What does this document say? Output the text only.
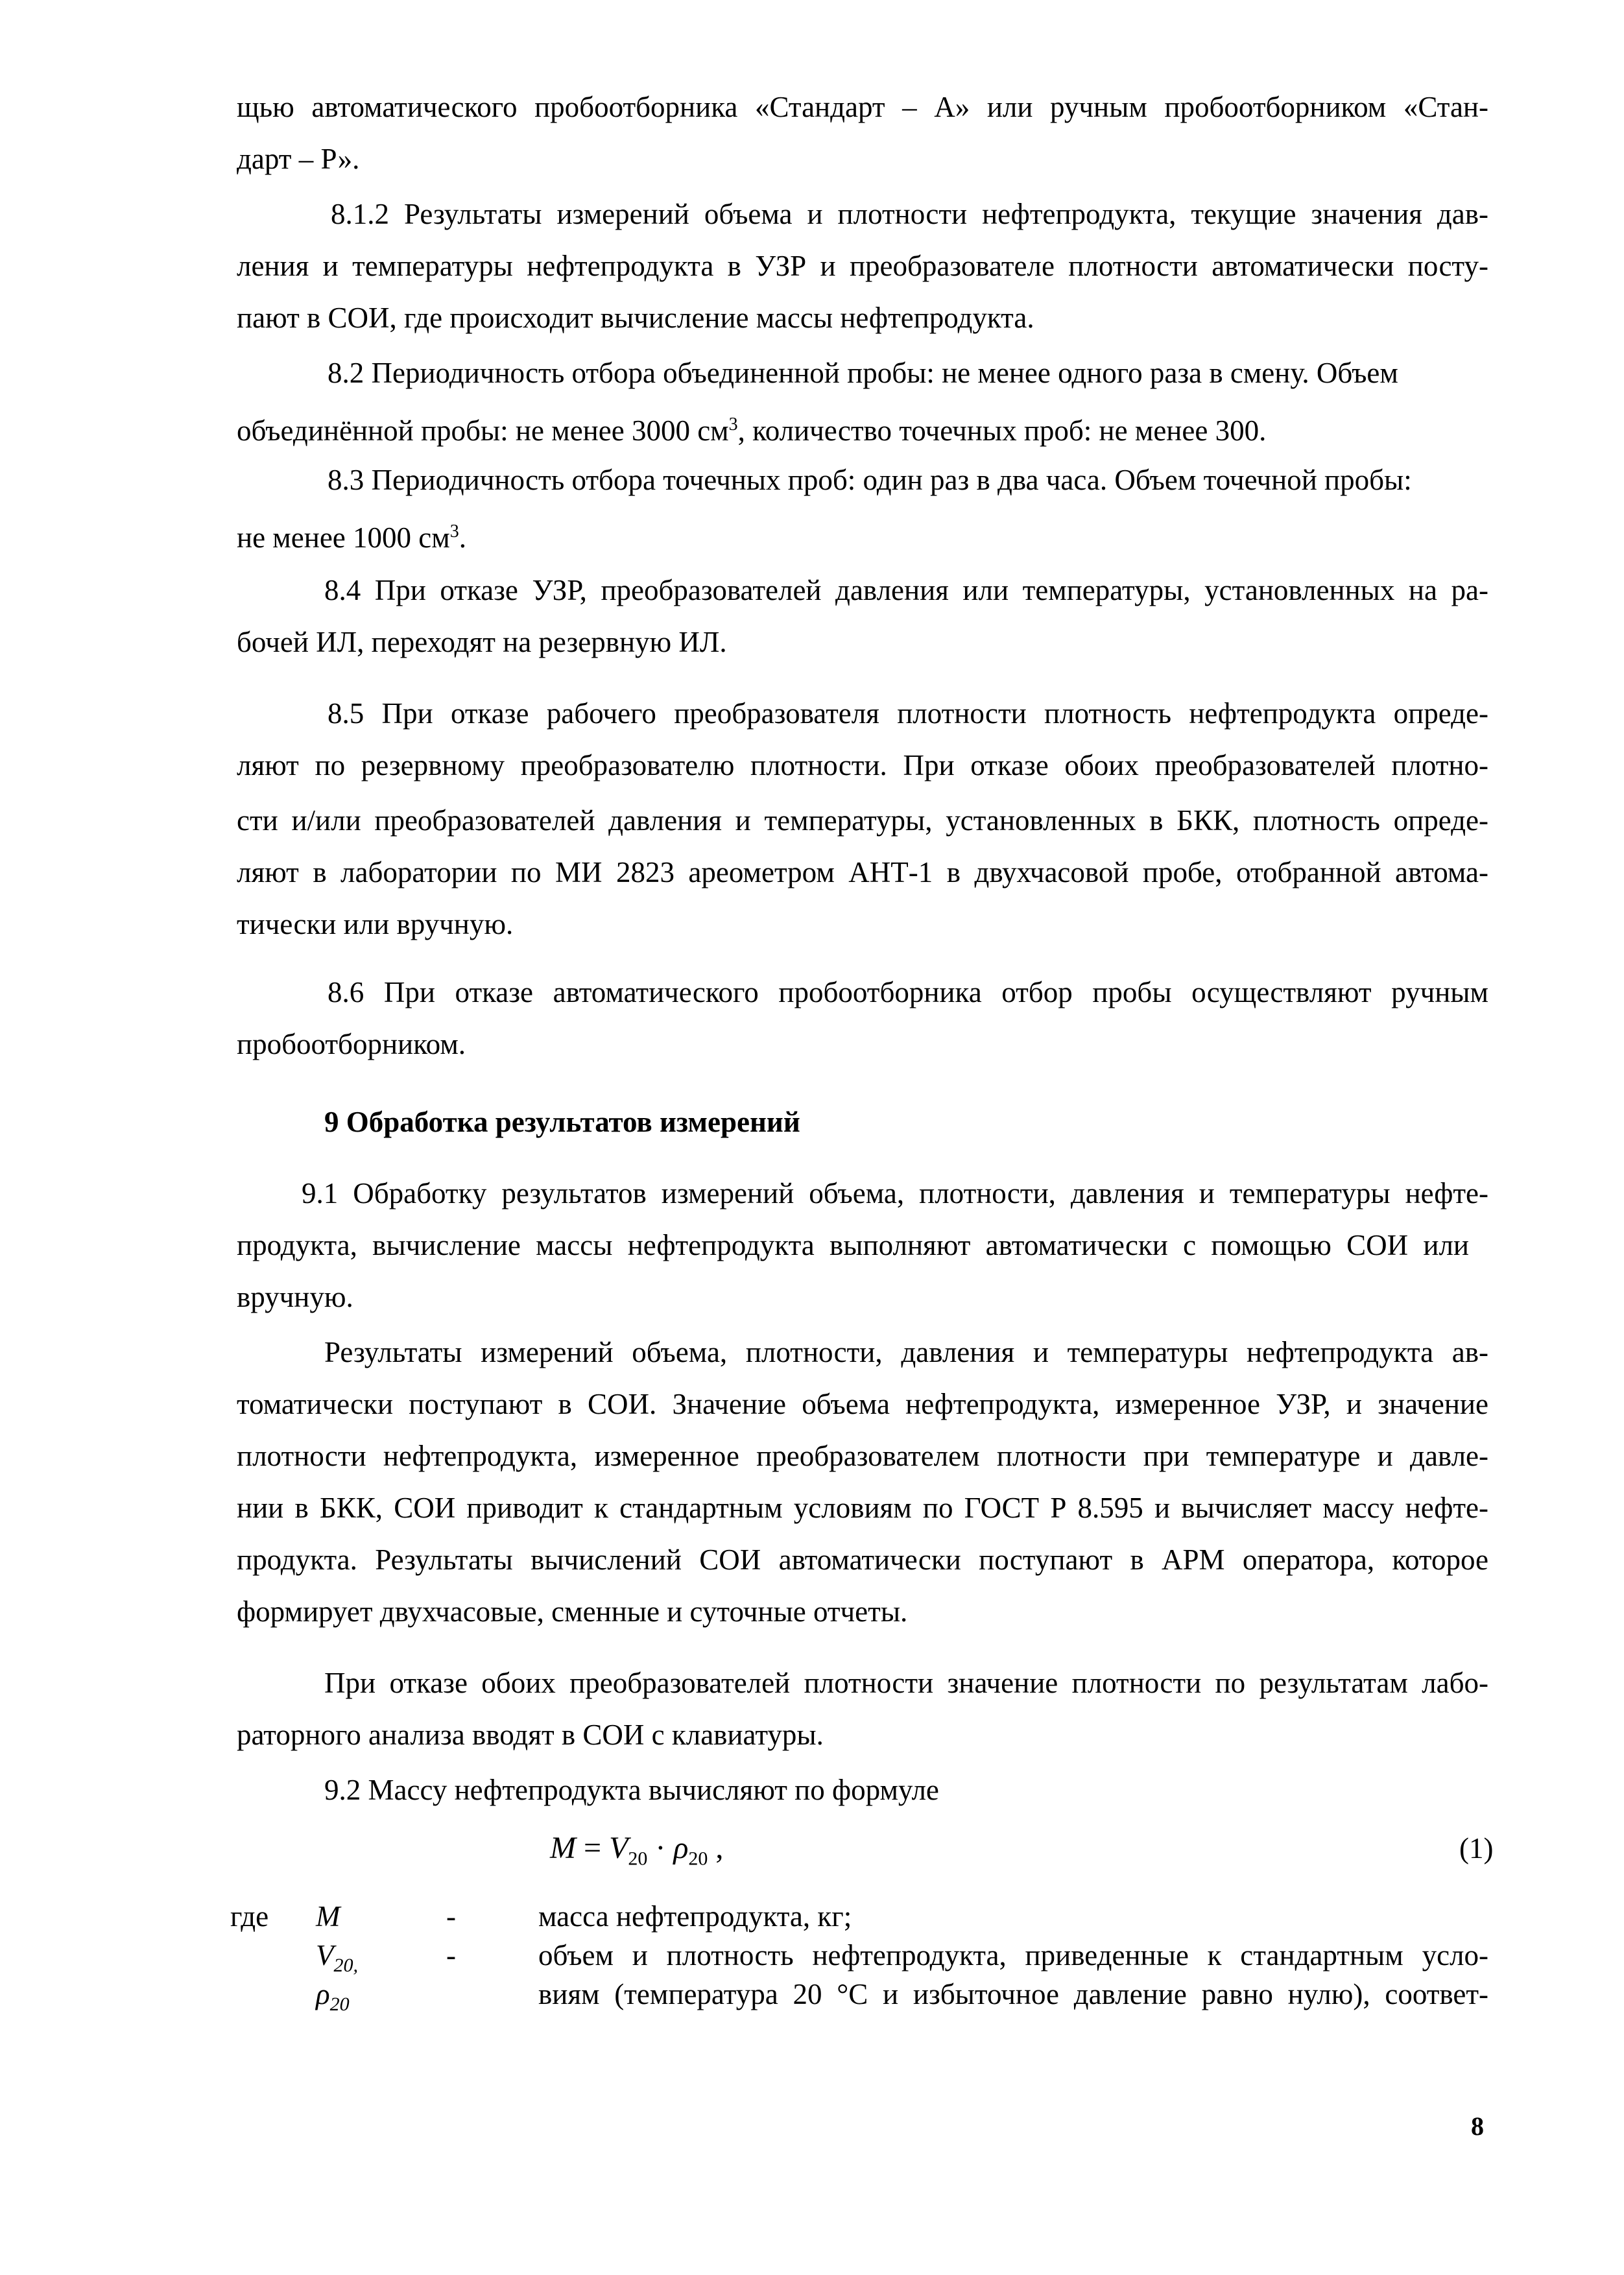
щью автоматического пробоотборника «Стандарт – А» или ручным пробоотборником «Стан-
дарт – Р».
8.1.2 Результаты измерений объема и плотности нефтепродукта, текущие значения дав-
ления и температуры нефтепродукта в УЗР и преобразователе плотности автоматически посту-
пают в СОИ, где происходит вычисление массы нефтепродукта.
8.2 Периодичность отбора объединенной пробы: не менее одного раза в смену. Объем
объединённой пробы: не менее 3000 $см^3$, количество точечных проб: не менее 300.
8.3 Периодичность отбора точечных проб: один раз в два часа. Объем точечной пробы:
не менее 1000 $см^3$.
8.4 При отказе УЗР, преобразователей давления или температуры, установленных на ра-
бочей ИЛ, переходят на резервную ИЛ.
8.5 При отказе рабочего преобразователя плотности плотность нефтепродукта опреде-
ляют по резервному преобразователю плотности. При отказе обоих преобразователей плотно-
сти и/или преобразователей давления и температуры, установленных в БКК, плотность опреде-
ляют в лаборатории по МИ 2823 ареометром АНТ-1 в двухчасовой пробе, отобранной автома-
тически или вручную.
8.6 При отказе автоматического пробоотборника отбор пробы осуществляют ручным
пробоотборником.
9 Обработка результатов измерений
9.1 Обработку результатов измерений объема, плотности, давления и температуры нефте-
продукта, вычисление массы нефтепродукта выполняют автоматически с помощью СОИ или
вручную.
Результаты измерений объема, плотности, давления и температуры нефтепродукта ав-
томатически поступают в СОИ. Значение объема нефтепродукта, измеренное УЗР, и значение
плотности нефтепродукта, измеренное преобразователем плотности при температуре и давле-
нии в БКК, СОИ приводит к стандартным условиям по ГОСТ Р 8.595 и вычисляет массу нефте-
продукта. Результаты вычислений СОИ автоматически поступают в АРМ оператора, которое
формирует двухчасовые, сменные и суточные отчеты.
При отказе обоих преобразователей плотности значение плотности по результатам лабо-
раторного анализа вводят в СОИ с клавиатуры.
9.2 Массу нефтепродукта вычисляют по формуле
$M = V_{20} \cdot \rho_{20}$ ,	(1)
где M	-	масса нефтепродукта, кг;
$V_{20,}$	-	объем и плотность нефтепродукта, приведенные к стандартным усло-
$\rho_{20}$	виям (температура 20 °С и избыточное давление равно нулю), соответ-
8
